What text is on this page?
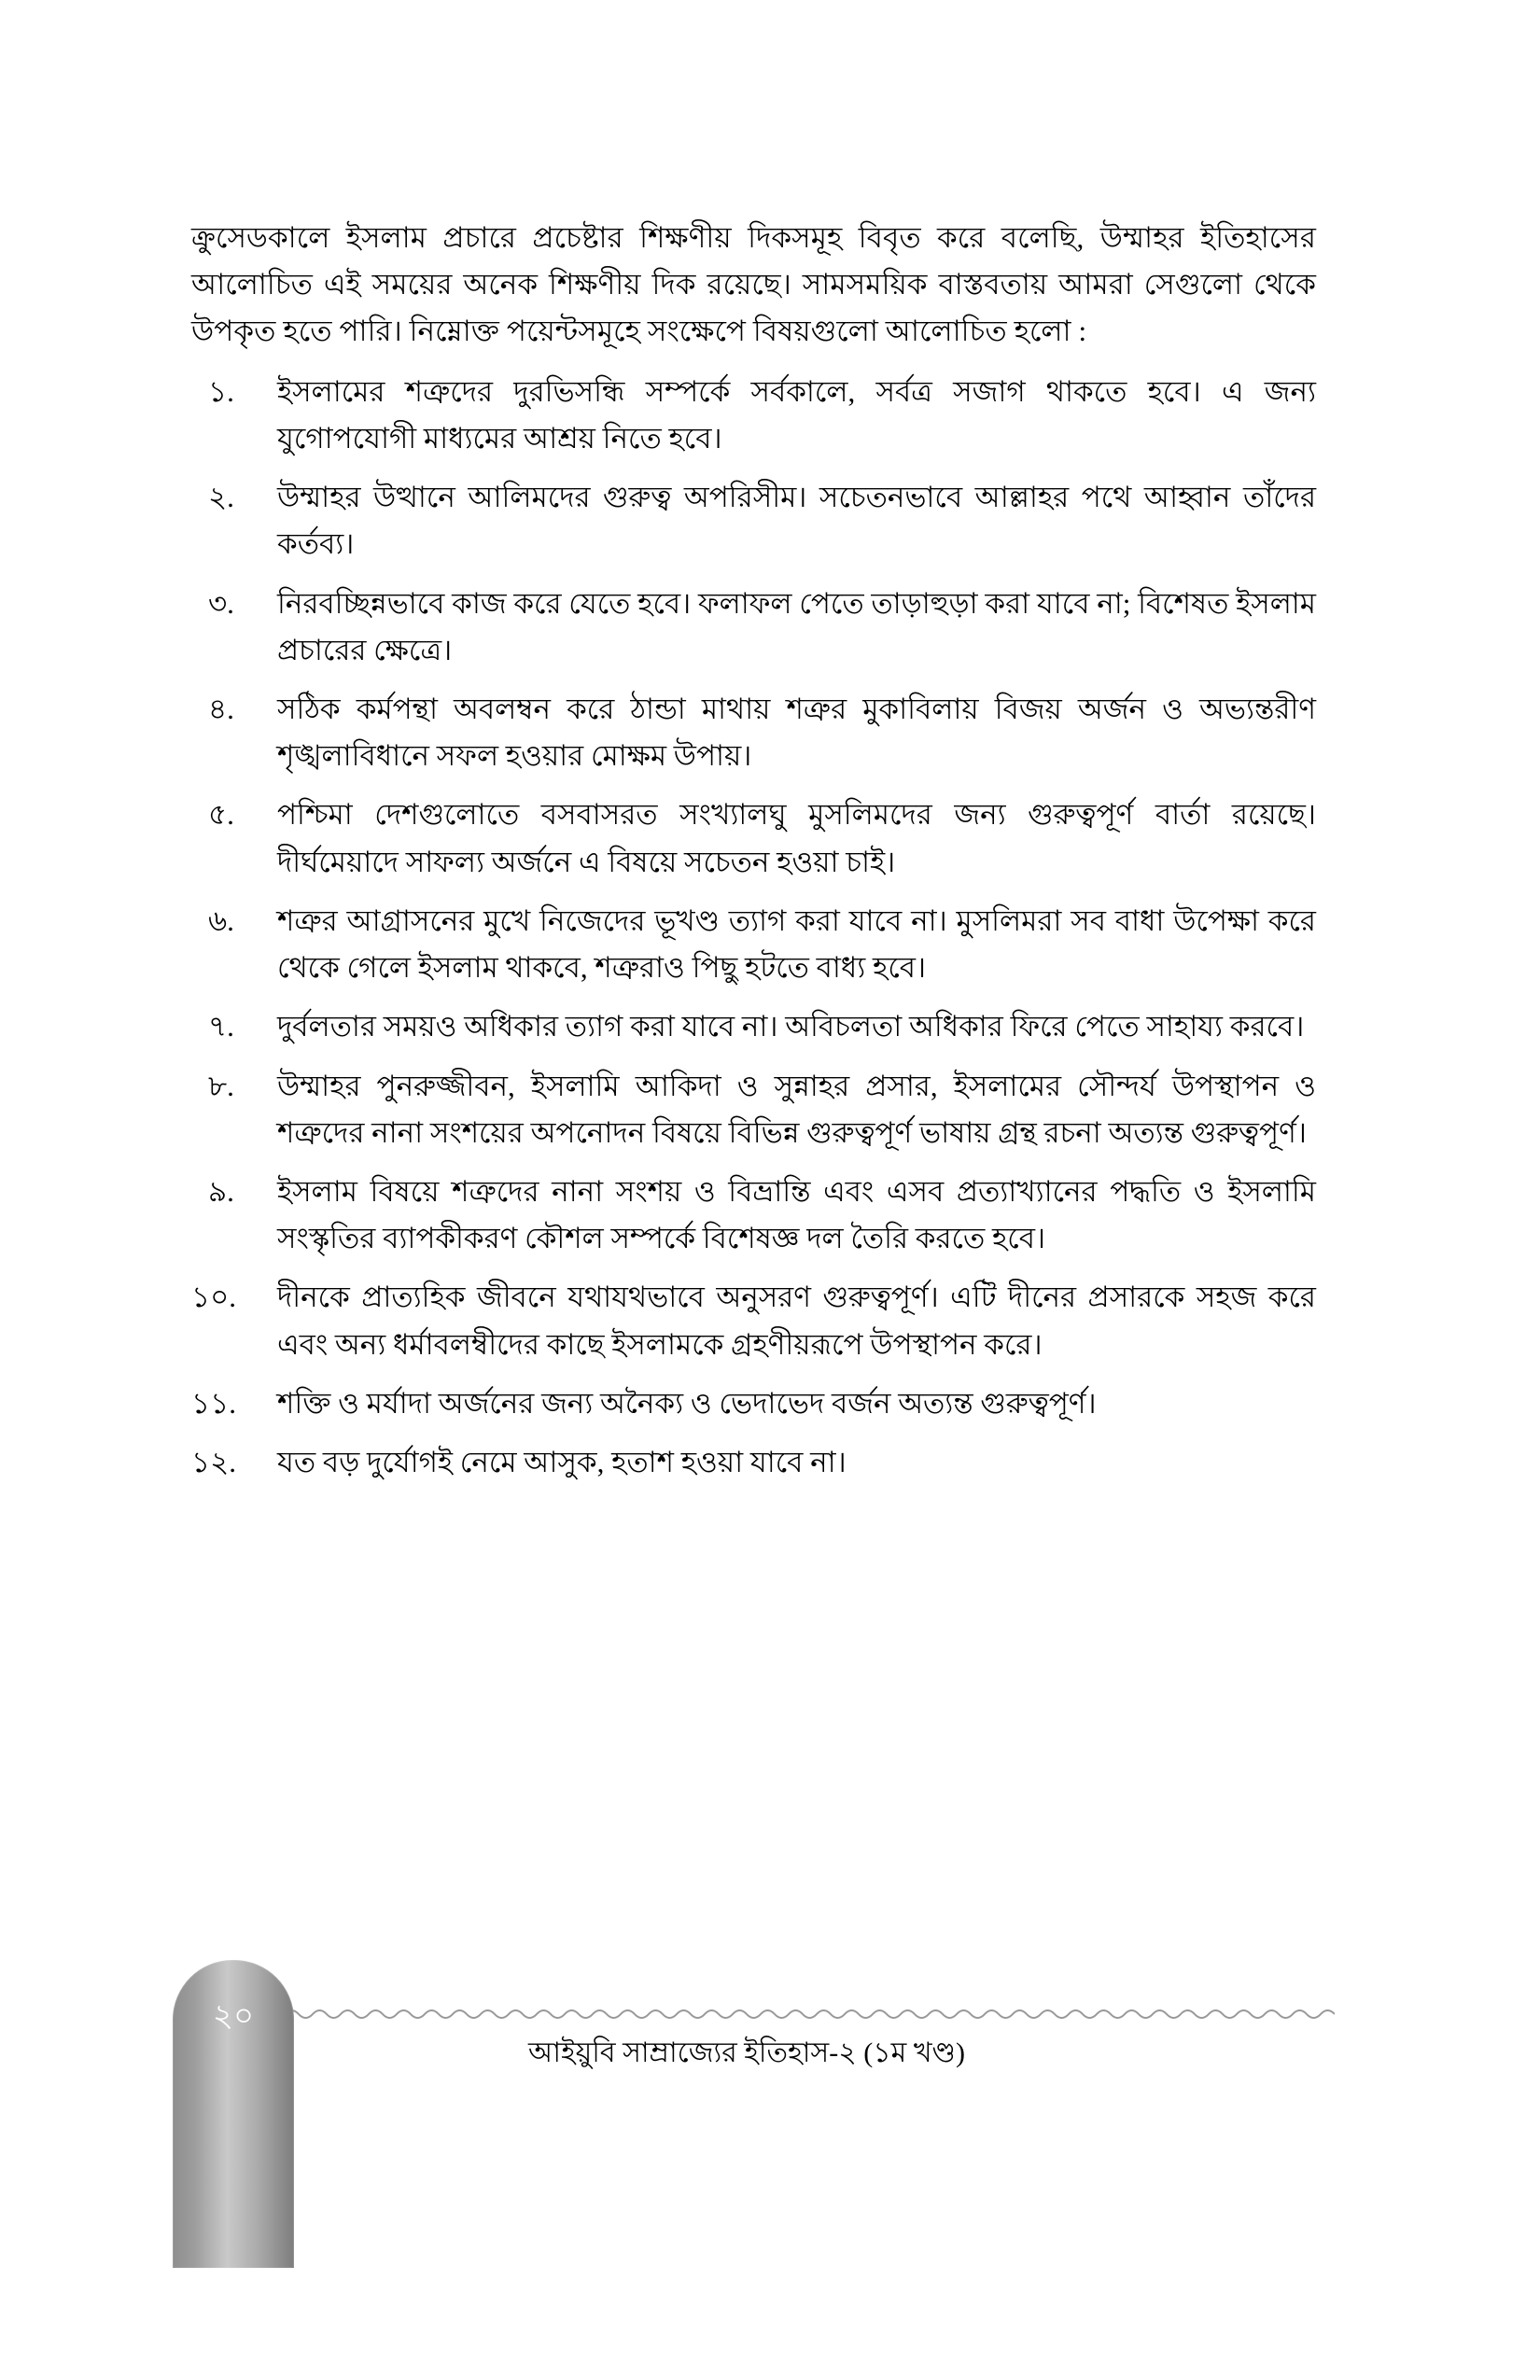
ক্রুসেডকালে ইসলাম প্রচারে প্রচেষ্টার শিক্ষণীয় দিকসমূহ বিবৃত করে বলেছি, উম্মাহর ইতিহাসের আলোচিত এই সময়ের অনেক শিক্ষণীয় দিক রয়েছে। সামসময়িক বাস্তবতায় আমরা সেগুলো থেকে উপকৃত হতে পারি। নিম্নোক্ত পয়েন্টসমূহে সংক্ষেপে বিষয়গুলো আলোচিত হলো :

১.	ইসলামের শত্রুদের দুরভিসন্ধি সম্পর্কে সর্বকালে, সর্বত্র সজাগ থাকতে হবে। এ জন্য যুগোপযোগী মাধ্যমের আশ্রয় নিতে হবে।
২.	উম্মাহর উত্থানে আলিমদের গুরুত্ব অপরিসীম। সচেতনভাবে আল্লাহর পথে আহ্বান তাঁদের কর্তব্য।
৩.	নিরবচ্ছিন্নভাবে কাজ করে যেতে হবে। ফলাফল পেতে তাড়াহুড়া করা যাবে না; বিশেষত ইসলাম প্রচারের ক্ষেত্রে।
৪.	সঠিক কর্মপন্থা অবলম্বন করে ঠান্ডা মাথায় শত্রুর মুকাবিলায় বিজয় অর্জন ও অভ্যন্তরীণ শৃঙ্খলাবিধানে সফল হওয়ার মোক্ষম উপায়।
৫.	পশ্চিমা দেশগুলোতে বসবাসরত সংখ্যালঘু মুসলিমদের জন্য গুরুত্বপূর্ণ বার্তা রয়েছে। দীর্ঘমেয়াদে সাফল্য অর্জনে এ বিষয়ে সচেতন হওয়া চাই।
৬.	শত্রুর আগ্রাসনের মুখে নিজেদের ভূখণ্ড ত্যাগ করা যাবে না। মুসলিমরা সব বাধা উপেক্ষা করে থেকে গেলে ইসলাম থাকবে, শত্রুরাও পিছু হটতে বাধ্য হবে।
৭.	দুর্বলতার সময়ও অধিকার ত্যাগ করা যাবে না। অবিচলতা অধিকার ফিরে পেতে সাহায্য করবে।
৮.	উম্মাহর পুনরুজ্জীবন, ইসলামি আকিদা ও সুন্নাহর প্রসার, ইসলামের সৌন্দর্য উপস্থাপন ও শত্রুদের নানা সংশয়ের অপনোদন বিষয়ে বিভিন্ন গুরুত্বপূর্ণ ভাষায় গ্রন্থ রচনা অত্যন্ত গুরুত্বপূর্ণ।
৯.	ইসলাম বিষয়ে শত্রুদের নানা সংশয় ও বিভ্রান্তি এবং এসব প্রত্যাখ্যানের পদ্ধতি ও ইসলামি সংস্কৃতির ব্যাপকীকরণ কৌশল সম্পর্কে বিশেষজ্ঞ দল তৈরি করতে হবে।
১০.	দীনকে প্রাত্যহিক জীবনে যথাযথভাবে অনুসরণ গুরুত্বপূর্ণ। এটি দীনের প্রসারকে সহজ করে এবং অন্য ধর্মাবলম্বীদের কাছে ইসলামকে গ্রহণীয়রূপে উপস্থাপন করে।
১১.	শক্তি ও মর্যাদা অর্জনের জন্য অনৈক্য ও ভেদাভেদ বর্জন অত্যন্ত গুরুত্বপূর্ণ।
১২.	যত বড় দুর্যোগই নেমে আসুক, হতাশ হওয়া যাবে না।
২০
আইয়ুবি সাম্রাজ্যের ইতিহাস-২ (১ম খণ্ড)
